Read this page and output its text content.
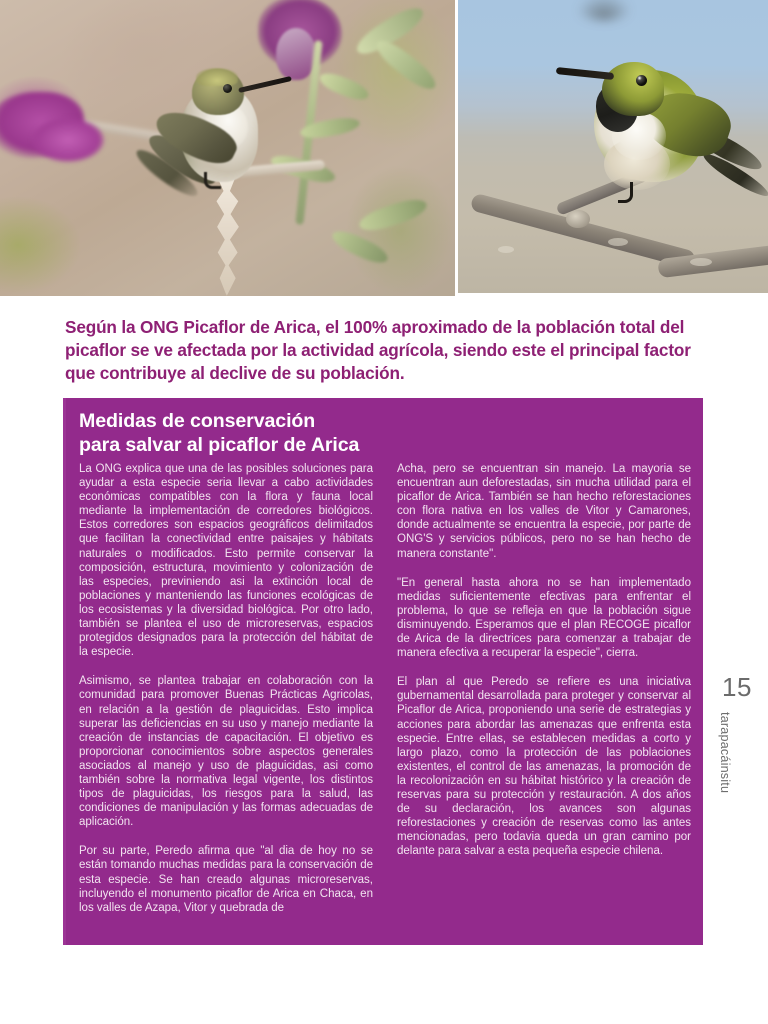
Según la ONG Picaflor de Arica, el 100% aproximado de la población total del picaflor se ve afectada por la actividad agrícola, siendo este el principal factor que contribuye al declive de su población.
Medidas de conservación
para salvar al picaflor de Arica

La ONG explica que una de las posibles soluciones para ayudar a esta especie seria llevar a cabo actividades económicas compatibles con la flora y fauna local mediante la implementación de corredores biológicos. Estos corredores son espacios geográficos delimitados que facilitan la conectividad entre paisajes y hábitats naturales o modificados. Esto permite conservar la composición, estructura, movimiento y colonización de las especies, previniendo asi la extinción local de poblaciones y manteniendo las funciones ecológicas de los ecosistemas y la diversidad biológica. Por otro lado, también se plantea el uso de microreservas, espacios protegidos designados para la protección del hábitat de la especie.

Asimismo, se plantea trabajar en colaboración con la comunidad para promover Buenas Prácticas Agricolas, en relación a la gestión de plaguicidas. Esto implica superar las deficiencias en su uso y manejo mediante la creación de instancias de capacitación. El objetivo es proporcionar conocimientos sobre aspectos generales asociados al manejo y uso de plaguicidas, asi como también sobre la normativa legal vigente, los distintos tipos de plaguicidas, los riesgos para la salud, las condiciones de manipulación y las formas adecuadas de aplicación.

Por su parte, Peredo afirma que "al dia de hoy no se están tomando muchas medidas para la conservación de esta especie. Se han creado algunas microreservas, incluyendo el monumento picaflor de Arica en Chaca, en los valles de Azapa, Vitor y quebrada de

Acha, pero se encuentran sin manejo. La mayoria se encuentran aun deforestadas, sin mucha utilidad para el picaflor de Arica. También se han hecho reforestaciones con flora nativa en los valles de Vitor y Camarones, donde actualmente se encuentra la especie, por parte de ONG'S y servicios públicos, pero no se han hecho de manera constante".

"En general hasta ahora no se han implementado medidas suficientemente efectivas para enfrentar el problema, lo que se refleja en que la población sigue disminuyendo. Esperamos que el plan RECOGE picaflor de Arica de la directrices para comenzar a trabajar de manera efectiva a recuperar la especie", cierra.

El plan al que Peredo se refiere es una iniciativa gubernamental desarrollada para proteger y conservar al Picaflor de Arica, proponiendo una serie de estrategias y acciones para abordar las amenazas que enfrenta esta especie. Entre ellas, se establecen medidas a corto y largo plazo, como la protección de las poblaciones existentes, el control de las amenazas, la promoción de la recolonización en su hábitat histórico y la creación de reservas para su protección y restauración. A dos años de su declaración, los avances son algunas reforestaciones y creación de reservas como las antes mencionadas, pero todavia queda un gran camino por delante para salvar a esta pequeña especie chilena.

15
tarapacáinsitu
